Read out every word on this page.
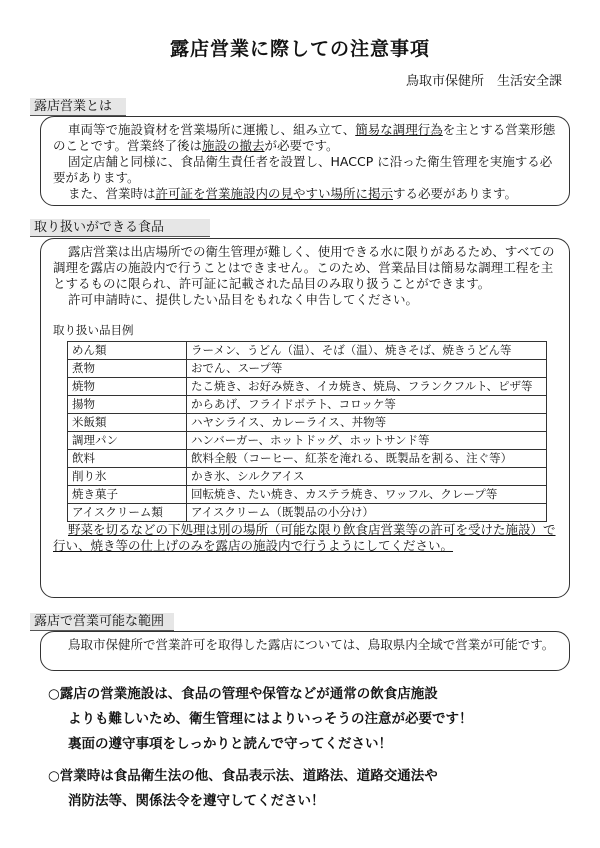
露店営業に際しての注意事項
鳥取市保健所　生活安全課
露店営業とは

車両等で施設資材を営業場所に運搬し、組み立て、簡易な調理行為を主とする営業形態のことです。営業終了後は施設の撤去が必要です。

固定店舗と同様に、食品衛生責任者を設置し、HACCP に沿った衛生管理を実施する必要があります。

また、営業時は許可証を営業施設内の見やすい場所に掲示する必要があります。

取り扱いができる食品

露店営業は出店場所での衛生管理が難しく、使用できる水に限りがあるため、すべての調理を露店の施設内で行うことはできません。このため、営業品目は簡易な調理工程を主とするものに限られ、許可証に記載された品目のみ取り扱うことができます。

許可申請時に、提供したい品目をもれなく申告してください。

取り扱い品目例
めん類	ラーメン、うどん（温）、そば（温）、焼きそば、焼きうどん等
煮物	おでん、スープ等
焼物	たこ焼き、お好み焼き、イカ焼き、焼鳥、フランクフルト、ピザ等
揚物	からあげ、フライドポテト、コロッケ等
米飯類	ハヤシライス、カレーライス、丼物等
調理パン	ハンバーガー、ホットドッグ、ホットサンド等
飲料	飲料全般（コーヒー、紅茶を淹れる、既製品を割る、注ぐ等）
削り氷	かき氷、シルクアイス
焼き菓子	回転焼き、たい焼き、カステラ焼き、ワッフル、クレープ等
アイスクリーム類	アイスクリーム（既製品の小分け）

野菜を切るなどの下処理は別の場所（可能な限り飲食店営業等の許可を受けた施設）で行い、焼き等の仕上げのみを露店の施設内で行うようにしてください。

露店で営業可能な範囲

鳥取市保健所で営業許可を取得した露店については、鳥取県内全域で営業が可能です。

○露店の営業施設は、食品の管理や保管などが通常の飲食店施設
よりも難しいため、衛生管理にはよりいっそうの注意が必要です！
裏面の遵守事項をしっかりと読んで守ってください！
○営業時は食品衛生法の他、食品表示法、道路法、道路交通法や
消防法等、関係法令を遵守してください！
